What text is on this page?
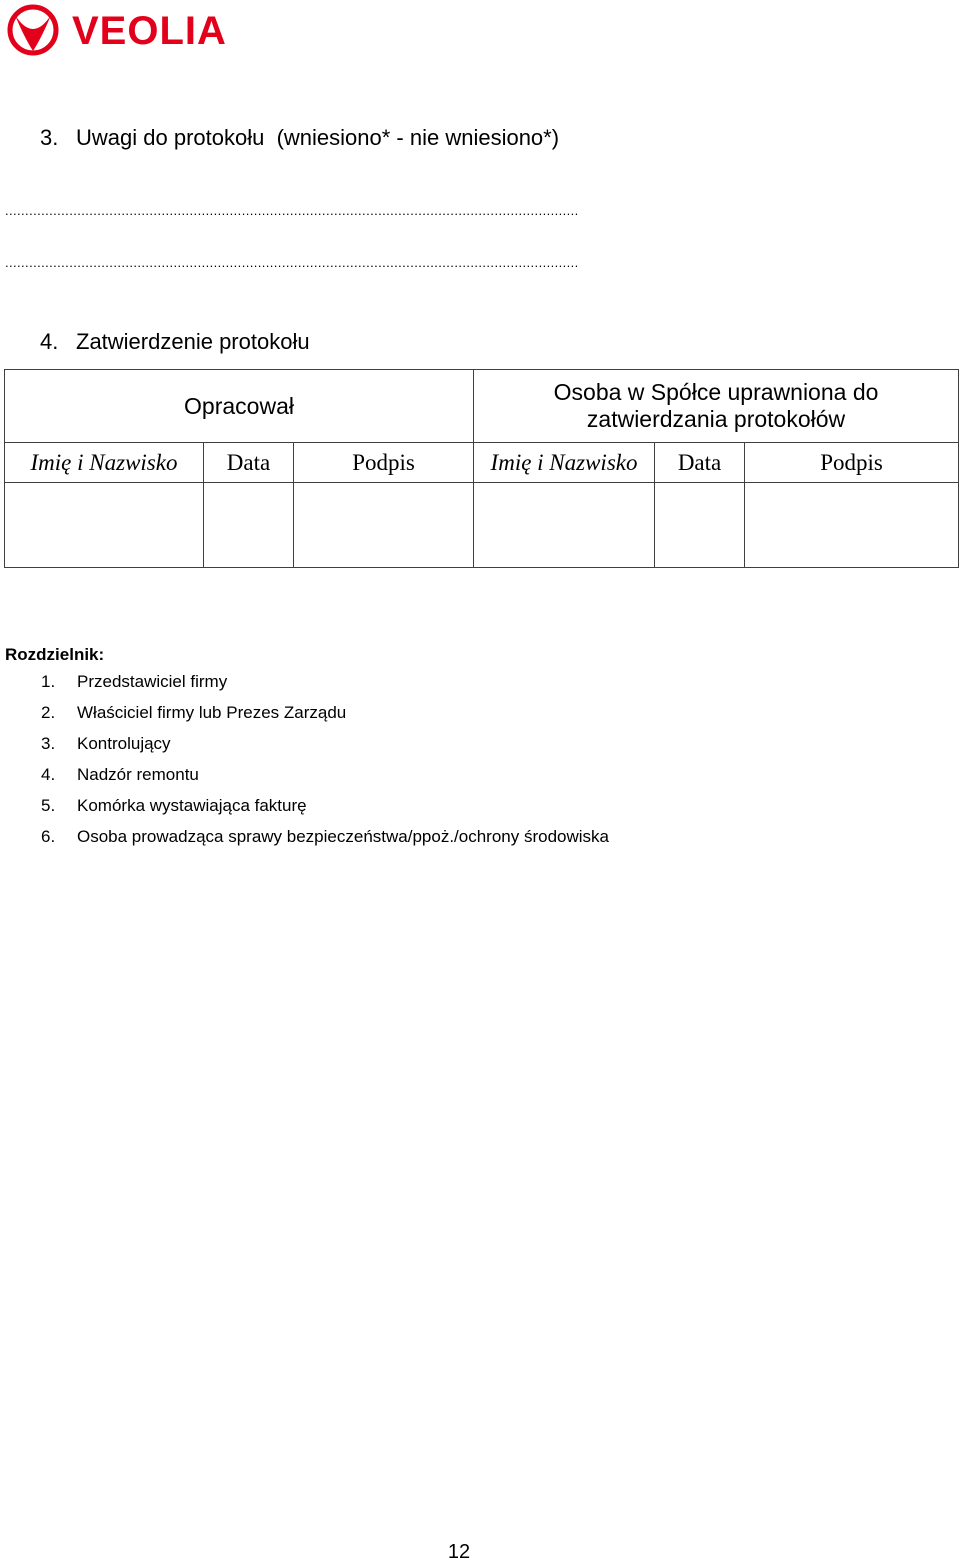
VEOLIA
3. Uwagi do protokołu (wniesiono* - nie wniesiono*)
...............................................................................................................................................
...............................................................................................................................................
4. Zatwierdzenie protokołu
Opracował			Osoba w Spółce uprawniona do zatwierdzania protokołów		
Imię i Nazwisko	Data	Podpis	Imię i Nazwisko	Data	Podpis

Rozdzielnik:
1. Przedstawiciel firmy
2. Właściciel firmy lub Prezes Zarządu
3. Kontrolujący
4. Nadzór remontu
5. Komórka wystawiająca fakturę
6. Osoba prowadząca sprawy bezpieczeństwa/ppoż./ochrony środowiska
12
